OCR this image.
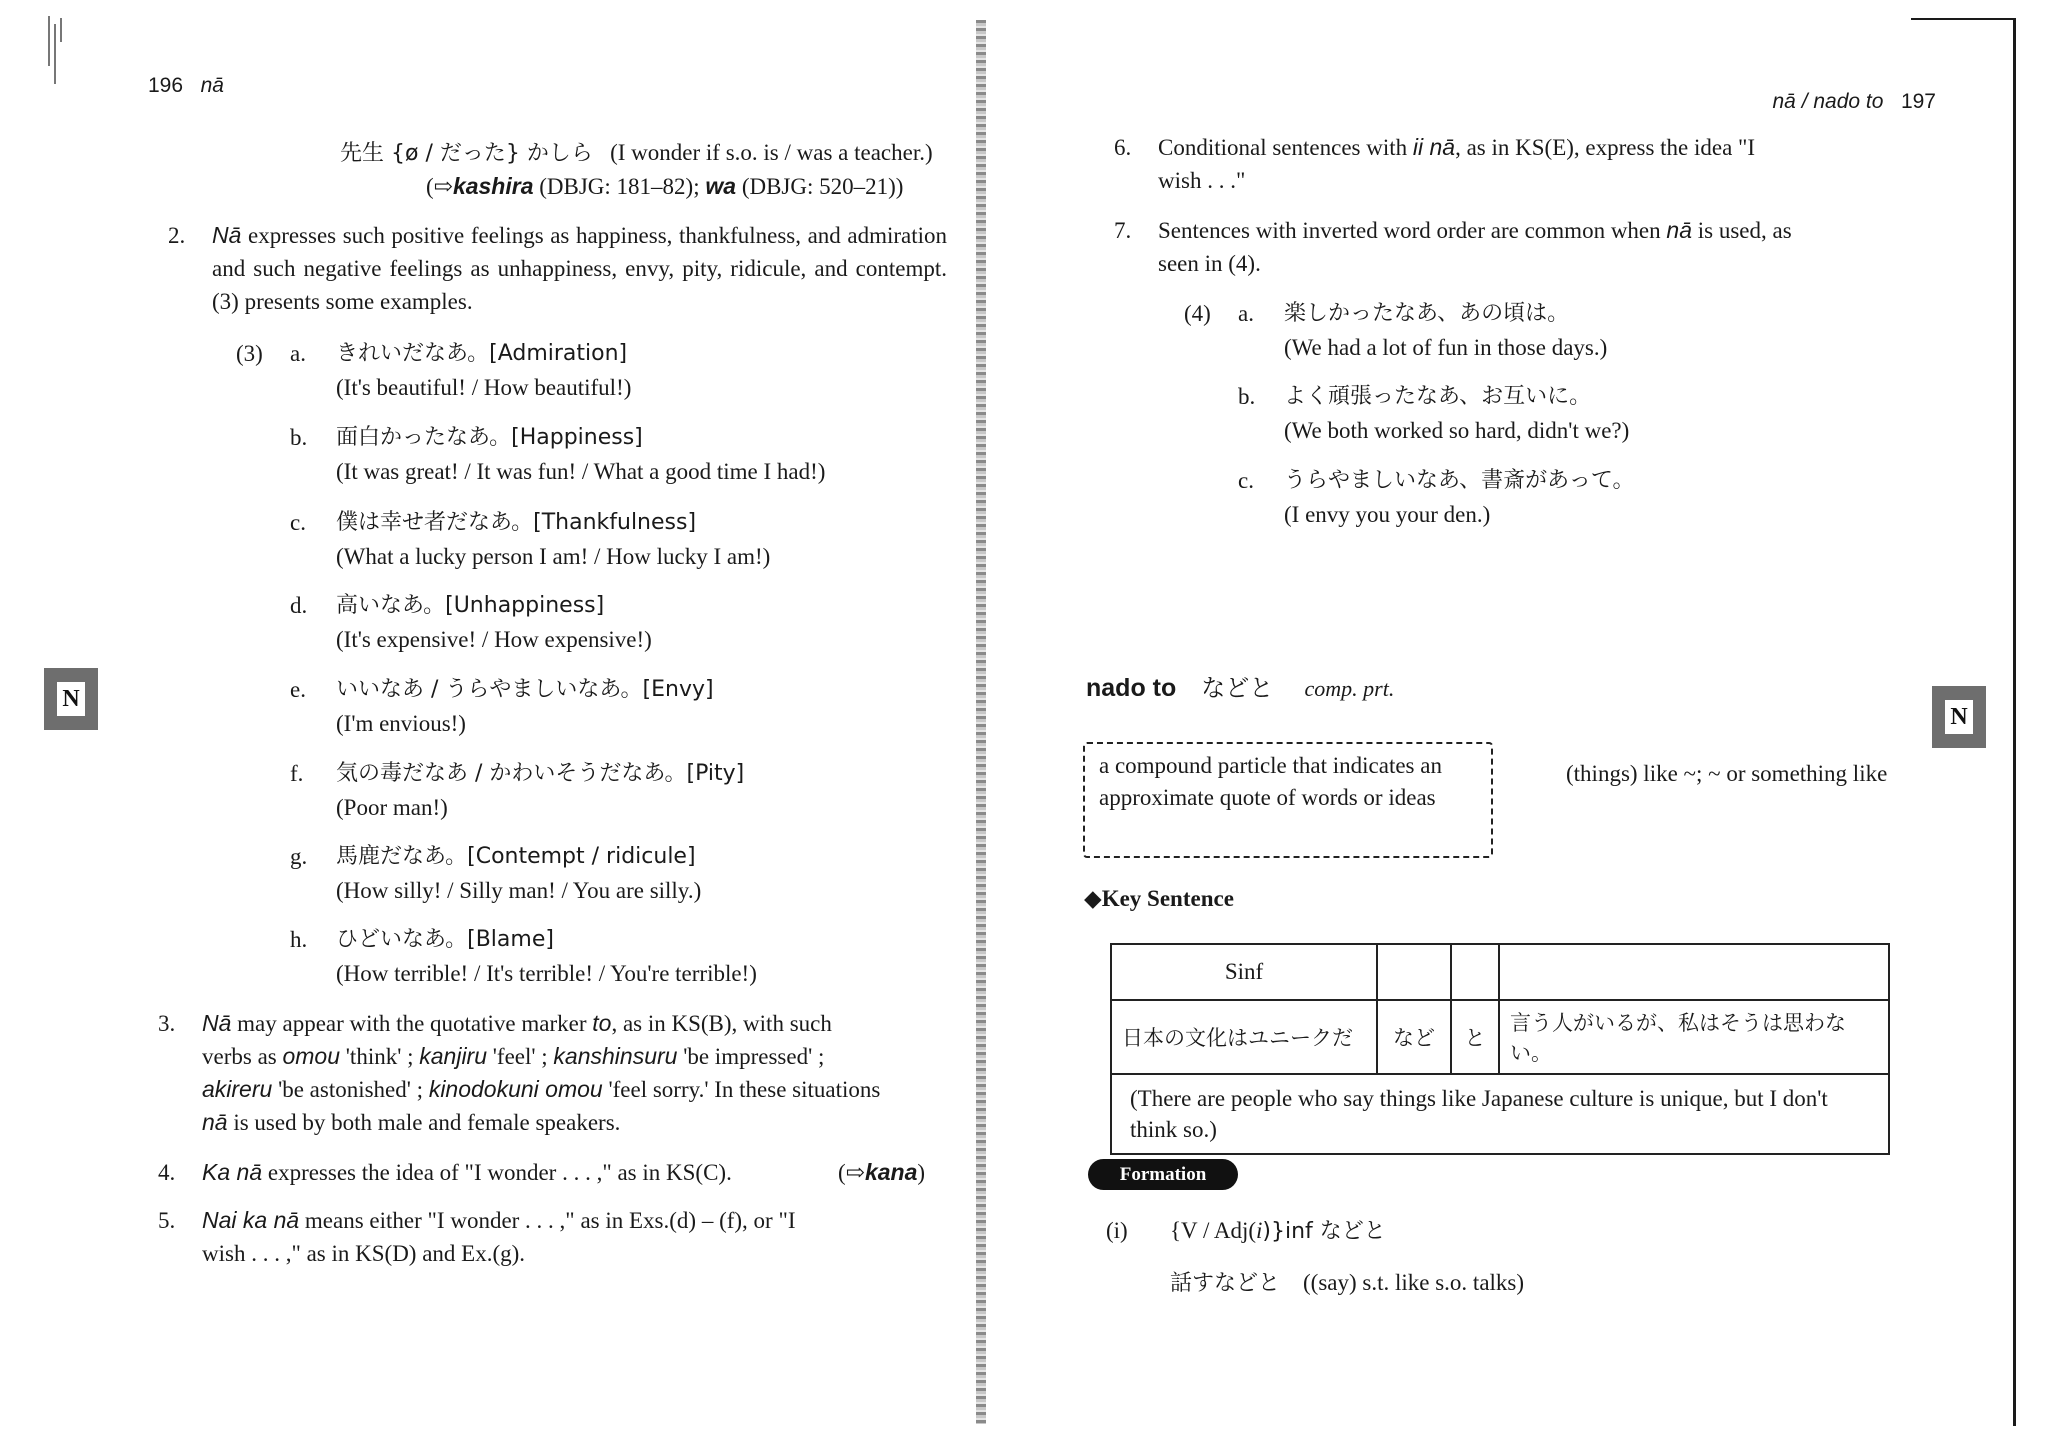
196 nā
N
先生 {ø / だった} かしら (I wonder if s.o. is / was a teacher.)
(⇨kashira (DBJG: 181–82); wa (DBJG: 520–21))
2. Nā expresses such positive feelings as happiness, thankfulness, and admiration and such negative feelings as unhappiness, envy, pity, ridicule, and contempt. (3) presents some examples.
(3) a. きれいだなあ。[Admiration]
(It's beautiful! / How beautiful!)
b. 面白かったなあ。[Happiness]
(It was great! / It was fun! / What a good time I had!)
c. 僕は幸せ者だなあ。[Thankfulness]
(What a lucky person I am! / How lucky I am!)
d. 高いなあ。[Unhappiness]
(It's expensive! / How expensive!)
e. いいなあ / うらやましいなあ。[Envy]
(I'm envious!)
f. 気の毒だなあ / かわいそうだなあ。[Pity]
(Poor man!)
g. 馬鹿だなあ。[Contempt / ridicule]
(How silly! / Silly man! / You are silly.)
h. ひどいなあ。[Blame]
(How terrible! / It's terrible! / You're terrible!)
3. Nā may appear with the quotative marker to, as in KS(B), with such
verbs as omou 'think' ; kanjiru 'feel' ; kanshinsuru 'be impressed' ;
akireru 'be astonished' ; kinodokuni omou 'feel sorry.' In these situations
nā is used by both male and female speakers.
4. Ka nā expresses the idea of "I wonder . . . ," as in KS(C).	(⇨kana)
5. Nai ka nā means either "I wonder . . . ," as in Exs.(d) – (f), or "I
wish . . . ," as in KS(D) and Ex.(g).
nā / nado to 197
N
6. Conditional sentences with ii nā, as in KS(E), express the idea "I
wish . . ."
7. Sentences with inverted word order are common when nā is used, as
seen in (4).
(4) a. 楽しかったなあ、あの頃は。
(We had a lot of fun in those days.)
b. よく頑張ったなあ、お互いに。
(We both worked so hard, didn't we?)
c. うらやましいなあ、書斎があって。
(I envy you your den.)
nado to などと comp. prt.
a compound particle that indicates an approximate quote of words or ideas
(things) like ~; ~ or something like
◆Key Sentence
Sinf			
日本の文化はユニークだ	など	と	言う人がいるが、私はそうは思わない。
(There are people who say things like Japanese culture is unique, but I don't think so.)			
Formation
(i) {V / Adj(i)}inf などと
話すなどと ((say) s.t. like s.o. talks)
